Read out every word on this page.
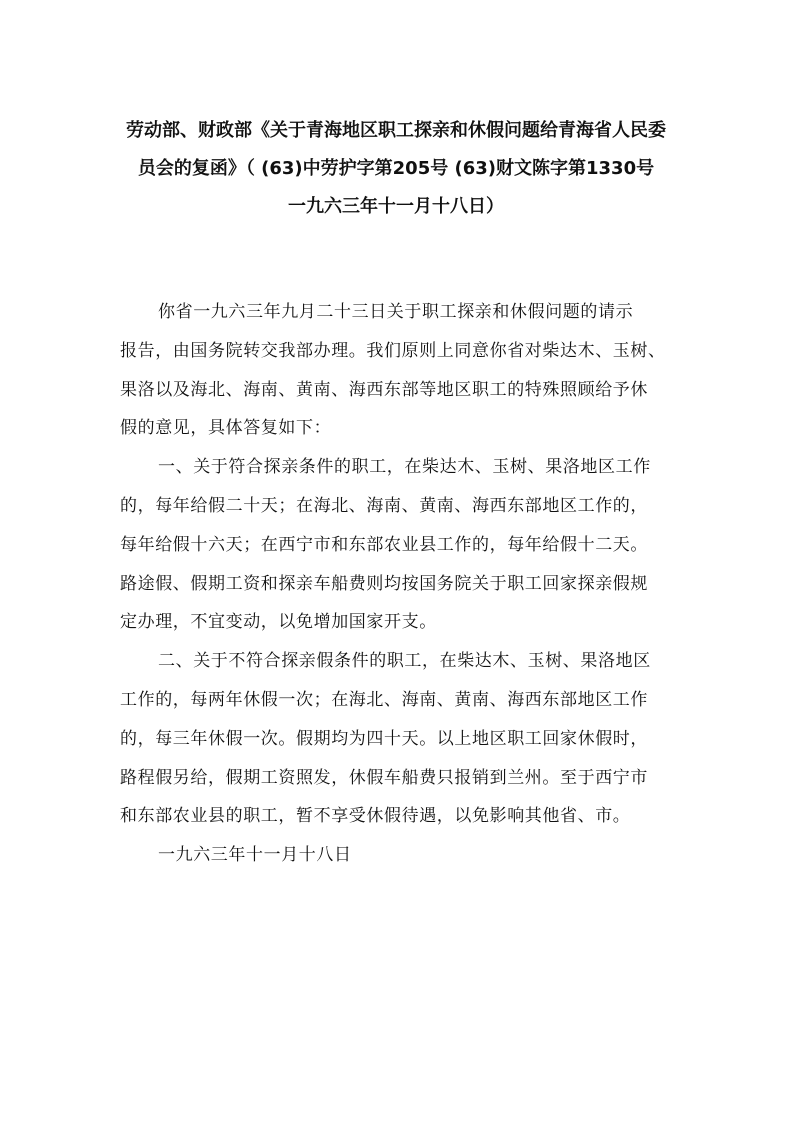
劳动部、财政部《关于青海地区职工探亲和休假问题给青海省人民委
员会的复函》（ (63)中劳护字第205号 (63)财文陈字第1330号
一九六三年十一月十八日）
你省一九六三年九月二十三日关于职工探亲和休假问题的请示
报告，由国务院转交我部办理。我们原则上同意你省对柴达木、玉树、
果洛以及海北、海南、黄南、海西东部等地区职工的特殊照顾给予休
假的意见，具体答复如下：
一、关于符合探亲条件的职工，在柴达木、玉树、果洛地区工作
的，每年给假二十天；在海北、海南、黄南、海西东部地区工作的，
每年给假十六天；在西宁市和东部农业县工作的，每年给假十二天。
路途假、假期工资和探亲车船费则均按国务院关于职工回家探亲假规
定办理，不宜变动，以免增加国家开支。
二、关于不符合探亲假条件的职工，在柴达木、玉树、果洛地区
工作的，每两年休假一次；在海北、海南、黄南、海西东部地区工作
的，每三年休假一次。假期均为四十天。以上地区职工回家休假时，
路程假另给，假期工资照发，休假车船费只报销到兰州。至于西宁市
和东部农业县的职工，暂不享受休假待遇，以免影响其他省、市。
一九六三年十一月十八日
